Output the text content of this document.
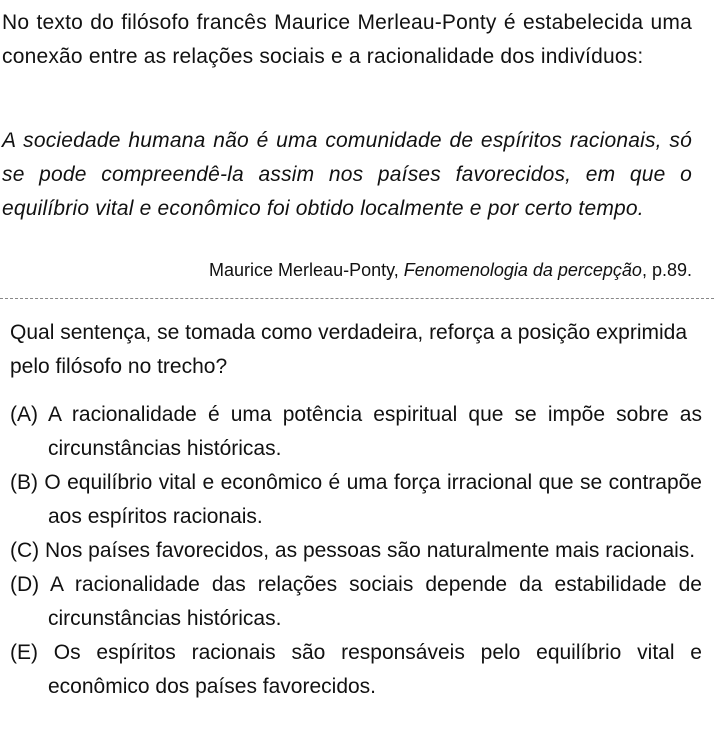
No texto do filósofo francês Maurice Merleau-Ponty é estabelecida uma conexão entre as relações sociais e a racionalidade dos indivíduos:

A sociedade humana não é uma comunidade de espíritos racionais, só se pode compreendê-la assim nos países favorecidos, em que o equilíbrio vital e econômico foi obtido localmente e por certo tempo.

Maurice Merleau-Ponty, Fenomenologia da percepção, p.89.

Qual sentença, se tomada como verdadeira, reforça a posição exprimida pelo filósofo no trecho?

(A) A racionalidade é uma potência espiritual que se impõe sobre as circunstâncias históricas.
(B) O equilíbrio vital e econômico é uma força irracional que se contrapõe aos espíritos racionais.
(C) Nos países favorecidos, as pessoas são naturalmente mais racionais.
(D) A racionalidade das relações sociais depende da estabilidade de circunstâncias históricas.
(E) Os espíritos racionais são responsáveis pelo equilíbrio vital e econômico dos países favorecidos.
